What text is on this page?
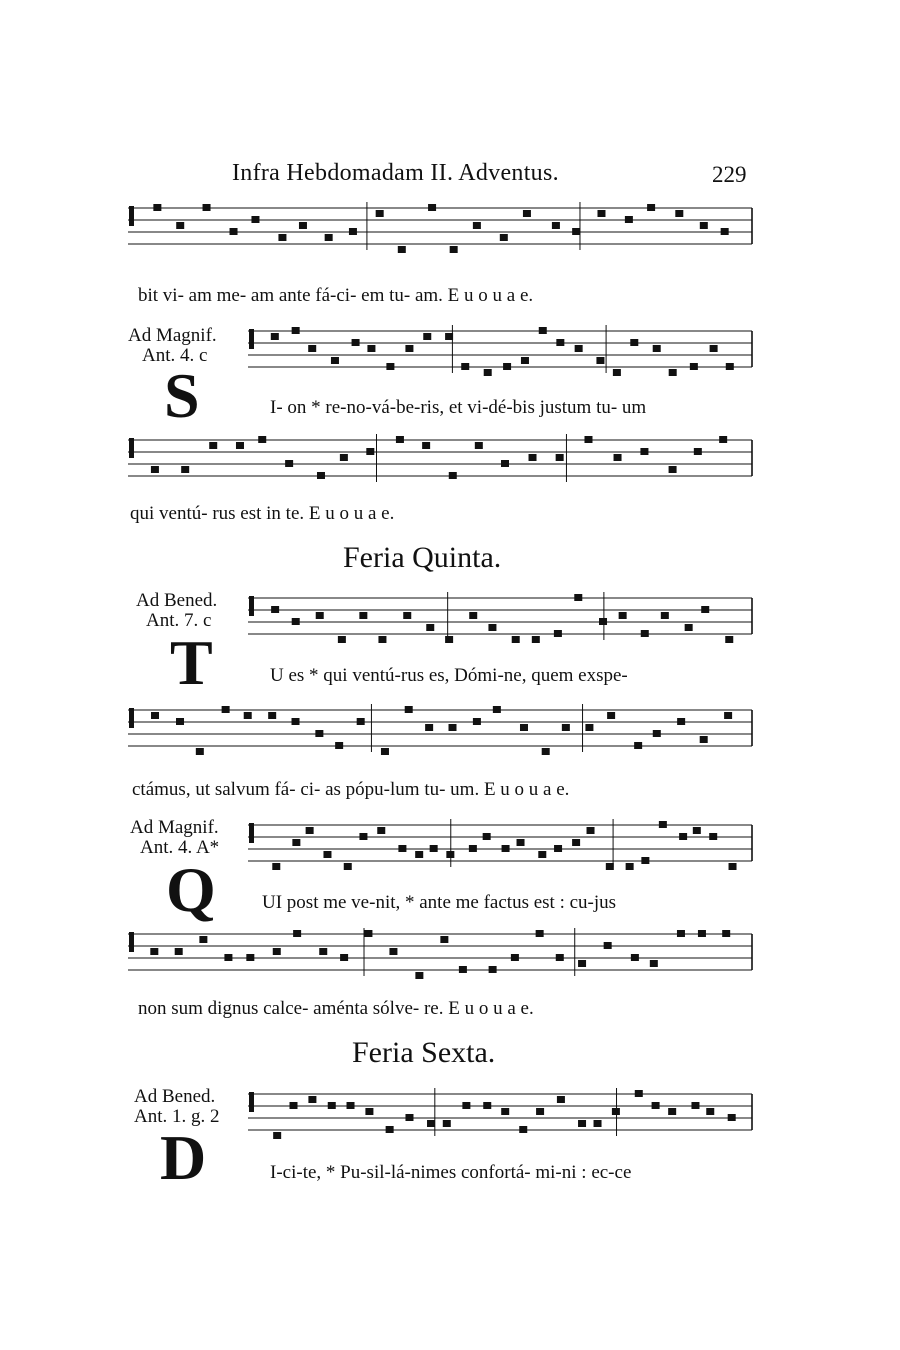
Infra Hebdomadam II. Adventus.	229
bit vi- am me- am ante fá-ci- em tu- am. E u o u a e.
Ad Magnif.
Ant. 4. c
S	I- on * re-no-vá-be-ris, et vi-dé-bis justum tu- um
qui ventú- rus est in te. E u o u a e.
Feria Quinta.
Ad Bened.
Ant. 7. c
T	U es * qui ventú-rus es, Dómi-ne, quem exspe-
ctámus, ut salvum fá- ci- as pópu-lum tu- um. E u o u a e.
Ad Magnif.
Ant. 4. A*
Q UI post me ve-nit, * ante me factus est : cu-jus
non sum dignus calce- aménta sólve- re. E u o u a e.
Feria Sexta.
Ad Bened.
Ant. 1. g. 2
D	I-ci-te, * Pu-sil-lá-nimes confortá- mi-ni : ec-ce
